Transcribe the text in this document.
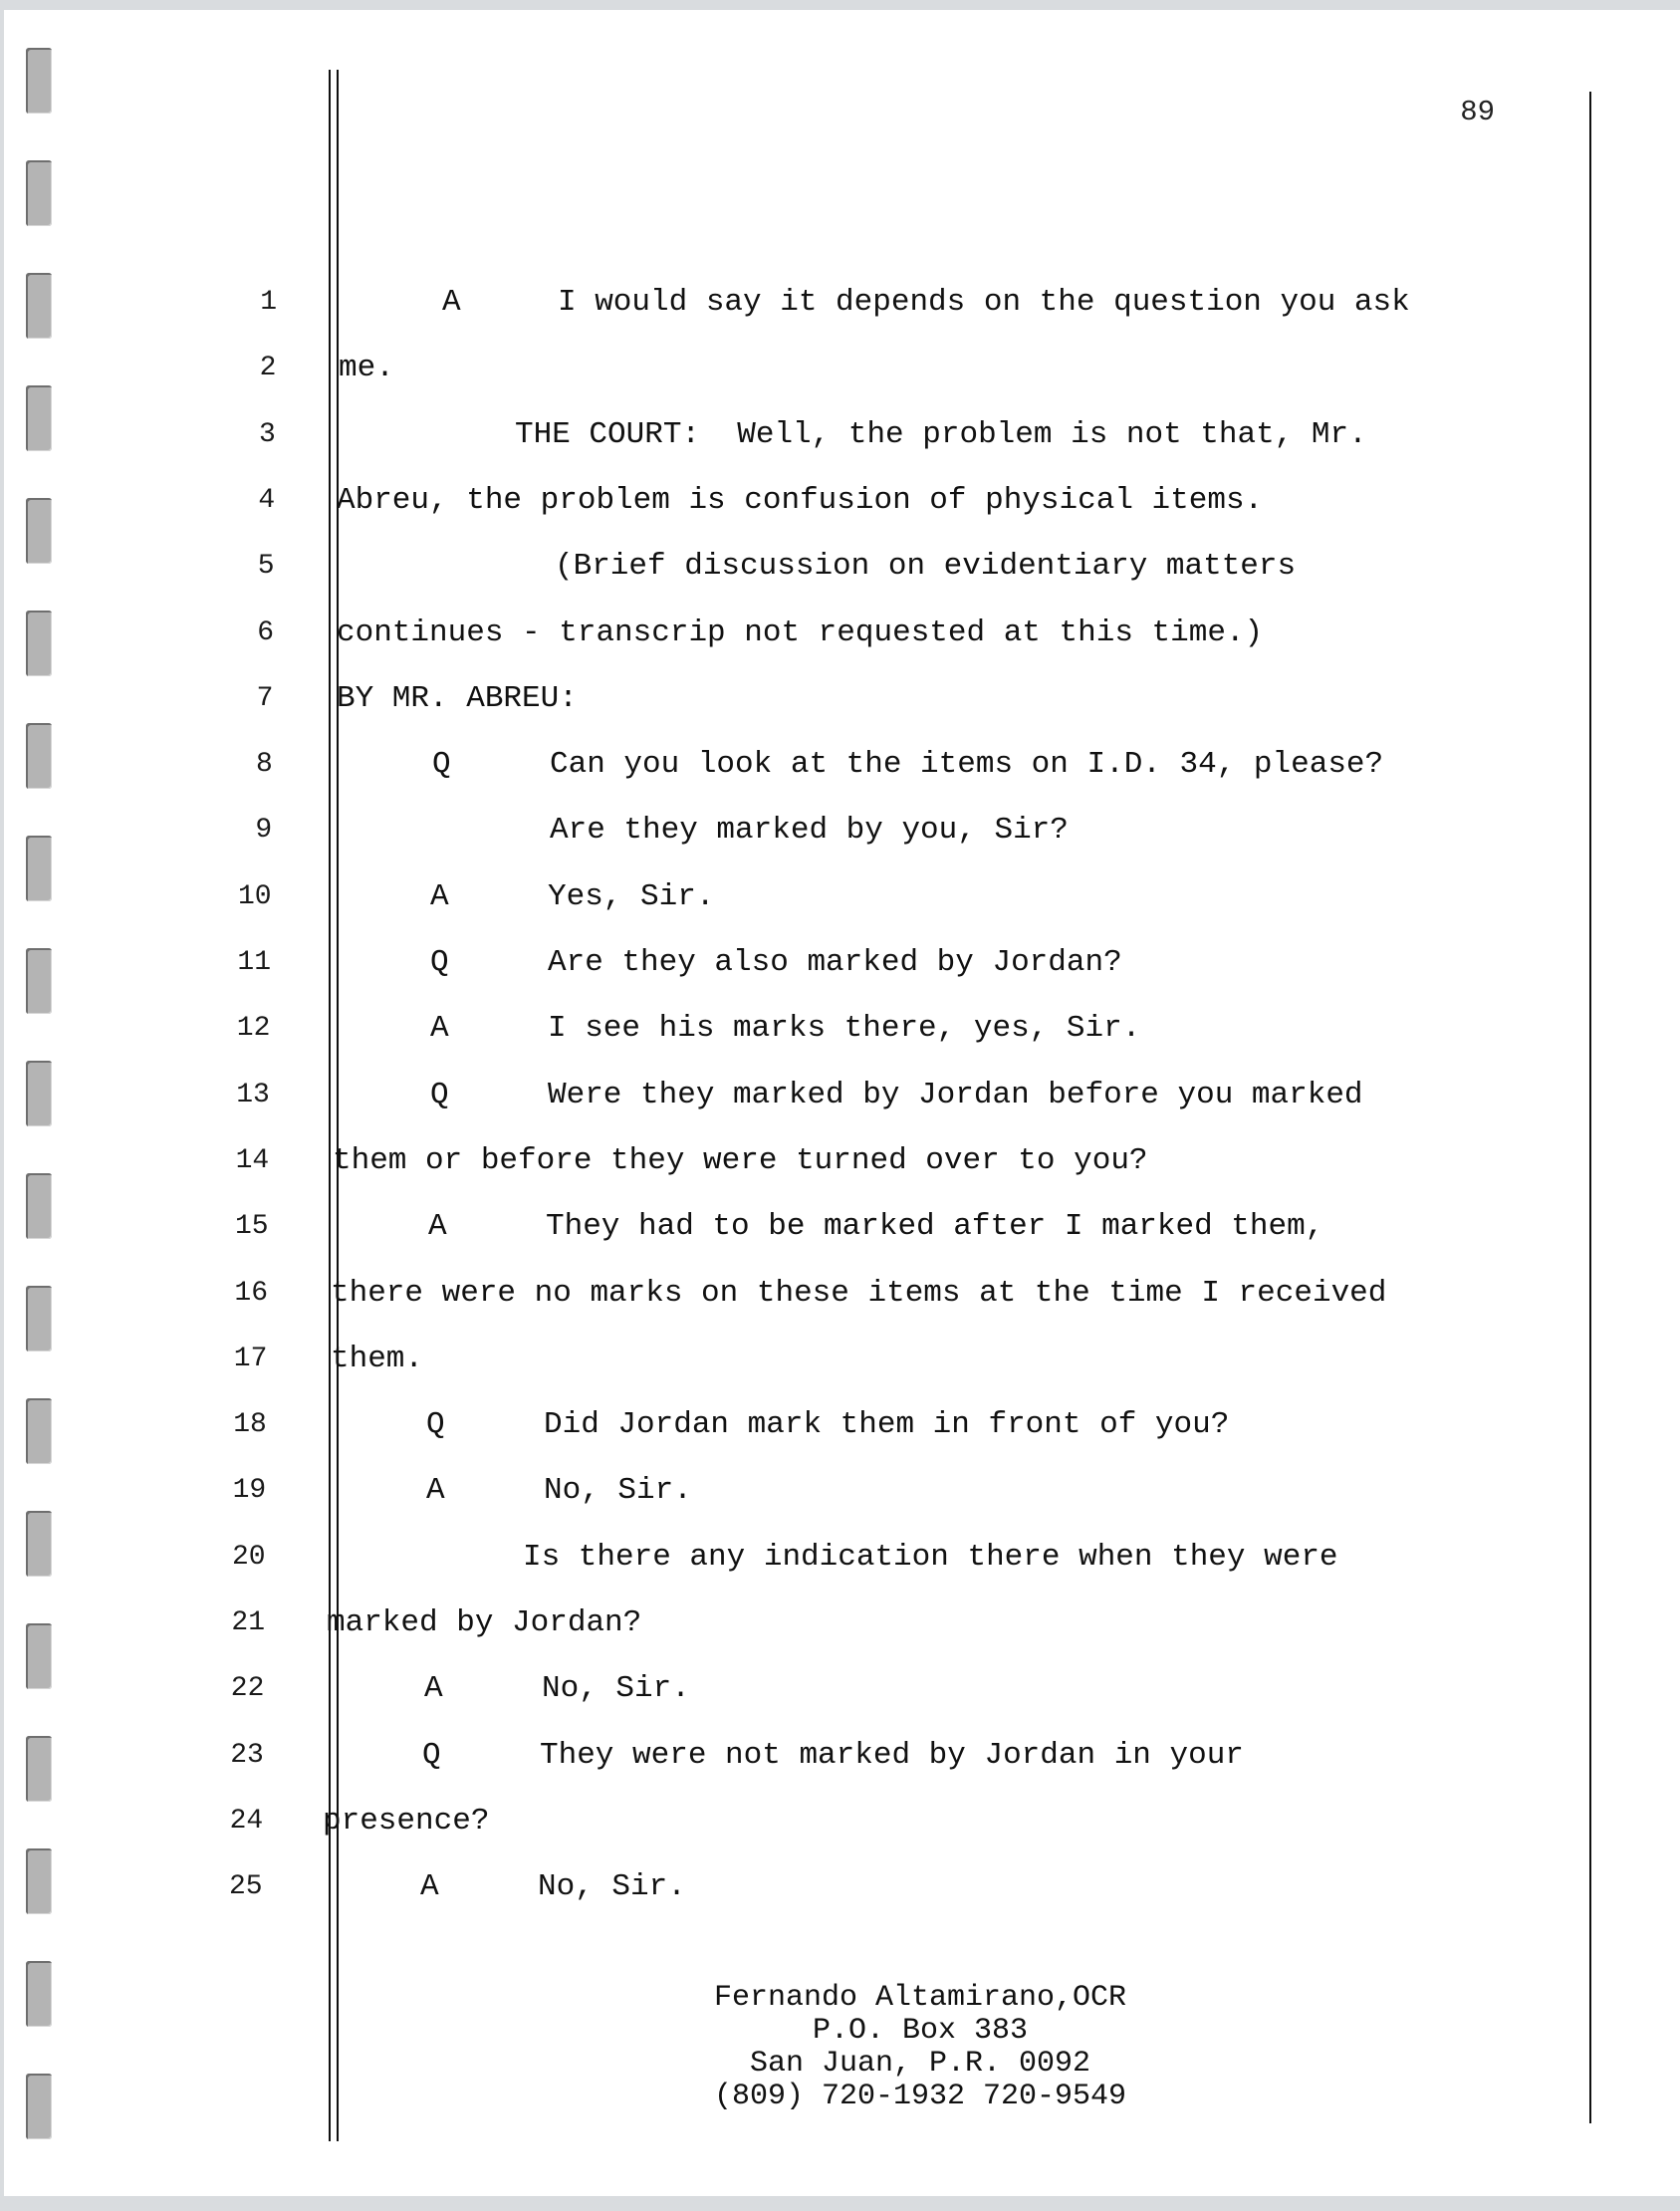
89
1
2
3
4
5
6
7
8
9
10
11
12
13
14
15
16
17
18
19
20
21
22
23
24
25
A	I would say it depends on the question you ask
me.
THE COURT:  Well, the problem is not that, Mr.
Abreu, the problem is confusion of physical items.
(Brief discussion on evidentiary matters
continues - transcrip not requested at this time.)
BY MR. ABREU:
Q	Can you look at the items on I.D. 34, please?
Are they marked by you, Sir?
A	Yes, Sir.
Q	Are they also marked by Jordan?
A	I see his marks there, yes, Sir.
Q	Were they marked by Jordan before you marked
them or before they were turned over to you?
A	They had to be marked after I marked them,
there were no marks on these items at the time I received
them.
Q	Did Jordan mark them in front of you?
A	No, Sir.
Is there any indication there when they were
marked by Jordan?
A	No, Sir.
Q	They were not marked by Jordan in your
presence?
A	No, Sir.
Fernando Altamirano,OCR
P.O. Box 383
San Juan, P.R. 0092
(809) 720-1932 720-9549
